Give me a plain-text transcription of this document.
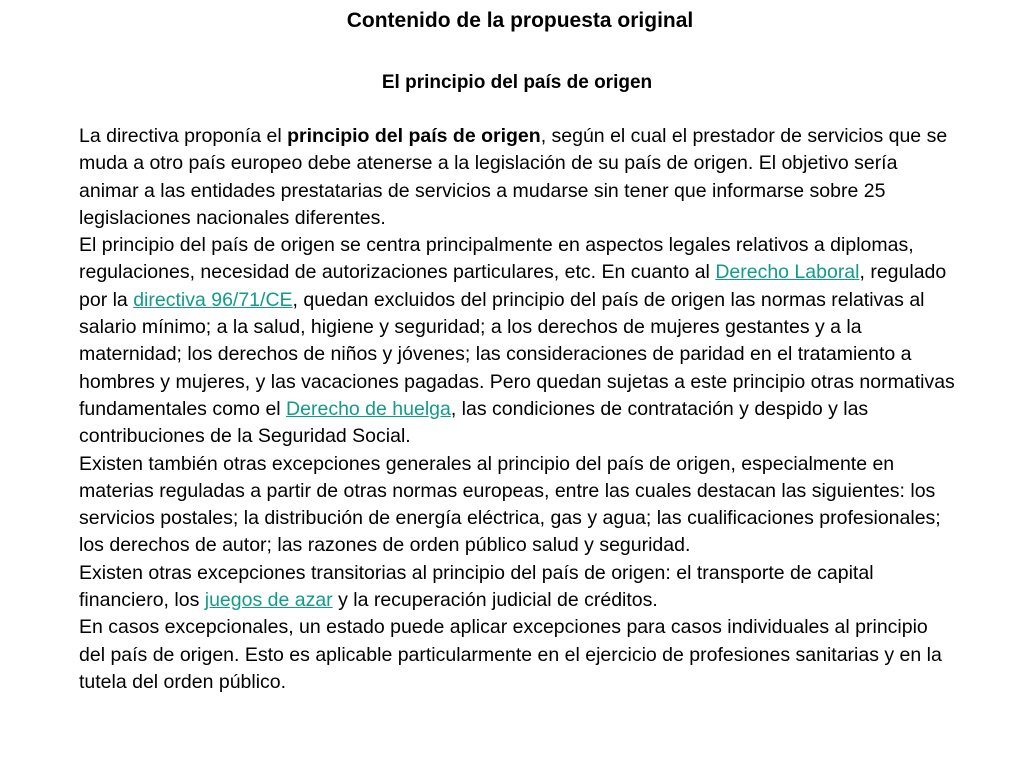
Contenido de la propuesta original
El principio del país de origen

La directiva proponía el principio del país de origen, según el cual el prestador de servicios que se muda a otro país europeo debe atenerse a la legislación de su país de origen. El objetivo sería animar a las entidades prestatarias de servicios a mudarse sin tener que informarse sobre 25 legislaciones nacionales diferentes.

El principio del país de origen se centra principalmente en aspectos legales relativos a diplomas, regulaciones, necesidad de autorizaciones particulares, etc. En cuanto al Derecho Laboral, regulado por la directiva 96/71/CE, quedan excluidos del principio del país de origen las normas relativas al salario mínimo; a la salud, higiene y seguridad; a los derechos de mujeres gestantes y a la maternidad; los derechos de niños y jóvenes; las consideraciones de paridad en el tratamiento a hombres y mujeres, y las vacaciones pagadas. Pero quedan sujetas a este principio otras normativas fundamentales como el Derecho de huelga, las condiciones de contratación y despido y las contribuciones de la Seguridad Social.

Existen también otras excepciones generales al principio del país de origen, especialmente en materias reguladas a partir de otras normas europeas, entre las cuales destacan las siguientes: los servicios postales; la distribución de energía eléctrica, gas y agua; las cualificaciones profesionales; los derechos de autor; las razones de orden público salud y seguridad.

Existen otras excepciones transitorias al principio del país de origen: el transporte de capital financiero, los juegos de azar y la recuperación judicial de créditos.

En casos excepcionales, un estado puede aplicar excepciones para casos individuales al principio del país de origen. Esto es aplicable particularmente en el ejercicio de profesiones sanitarias y en la tutela del orden público.
